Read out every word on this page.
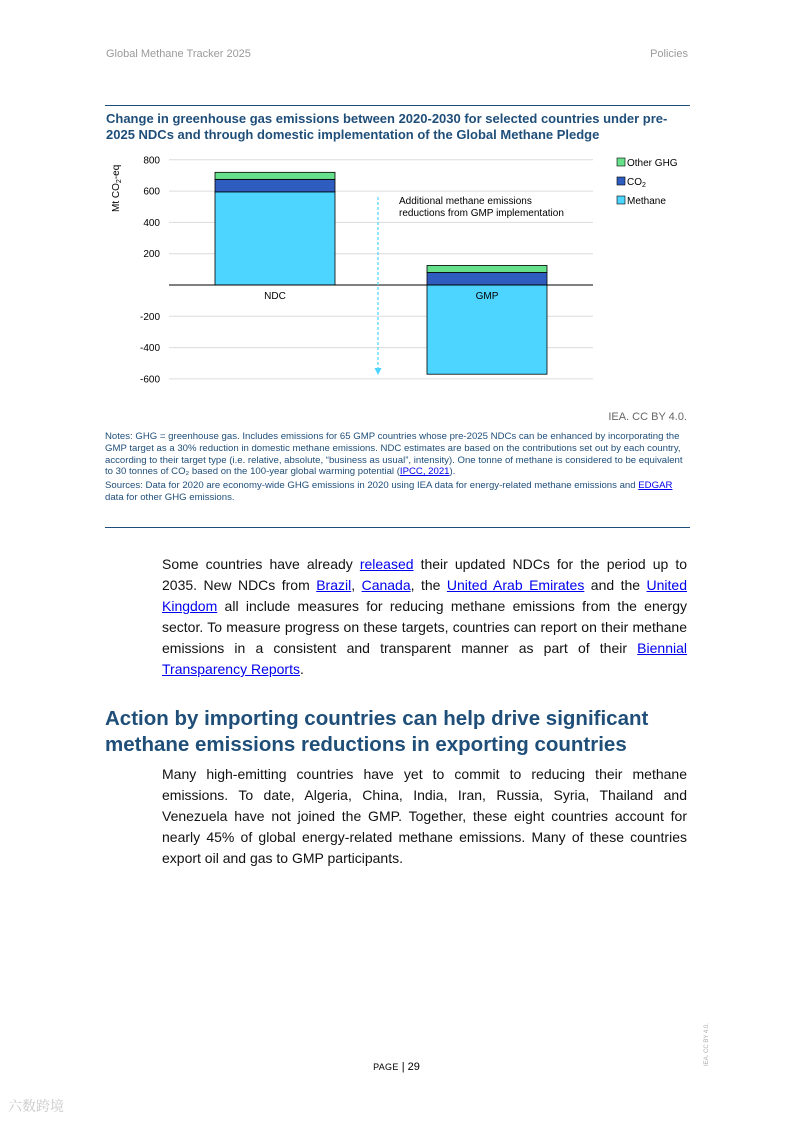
Global Methane Tracker 2025	Policies
Change in greenhouse gas emissions between 2020-2030 for selected countries under pre-2025 NDCs and through domestic implementation of the Global Methane Pledge
800
600
400
200
-200
-400
-600
Mt $CO_2-eq$
NDC	GMP
Other GHG
$CO_2$
Methane
Additional methane emissions
reductions from GMP implementation
IEA. CC BY 4.0.

Notes: GHG = greenhouse gas. Includes emissions for 65 GMP countries whose pre-2025 NDCs can be enhanced by incorporating the GMP target as a 30% reduction in domestic methane emissions. NDC estimates are based on the contributions set out by each country, according to their target type (i.e. relative, absolute, “business as usual”, intensity). One tonne of methane is considered to be equivalent to 30 tonnes of CO₂ based on the 100-year global warming potential (IPCC, 2021).

Sources: Data for 2020 are economy-wide GHG emissions in 2020 using IEA data for energy-related methane emissions and EDGAR data for other GHG emissions.

Some countries have already released their updated NDCs for the period up to 2035. New NDCs from Brazil, Canada, the United Arab Emirates and the United Kingdom all include measures for reducing methane emissions from the energy sector. To measure progress on these targets, countries can report on their methane emissions in a consistent and transparent manner as part of their Biennial Transparency Reports.

Action by importing countries can help drive significant methane emissions reductions in exporting countries

Many high-emitting countries have yet to commit to reducing their methane emissions. To date, Algeria, China, India, Iran, Russia, Syria, Thailand and Venezuela have not joined the GMP. Together, these eight countries account for nearly 45% of global energy-related methane emissions. Many of these countries export oil and gas to GMP participants.

PAGE | 29
IEA. CC BY 4.0.
六数跨境
